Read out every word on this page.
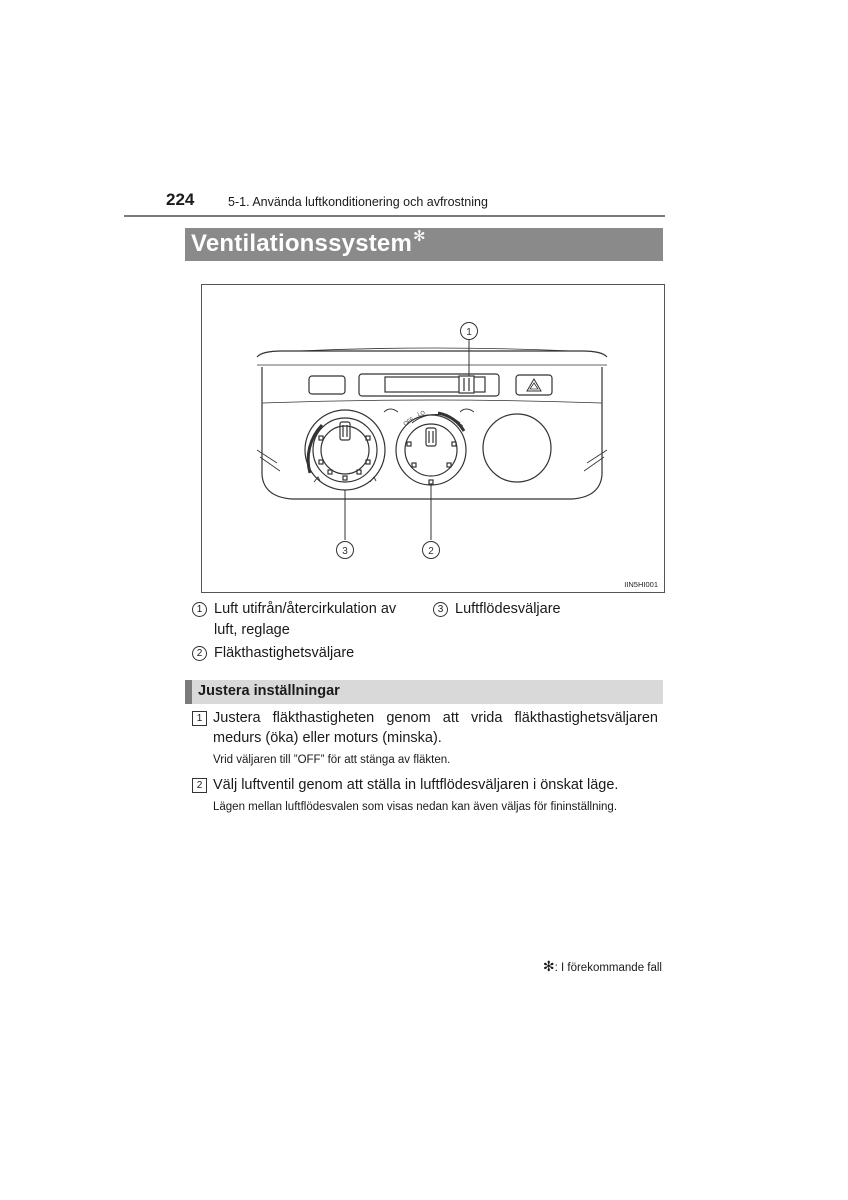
224	5-1. Använda luftkonditionering och avfrostning
Ventilationssystem✻
1
3	2
OFF
LO
HI
IIN5HI001
1 Luft utifrån/återcirkulation av luft, reglage
2 Fläkthastighetsväljare
3 Luftflödesväljare
Justera inställningar
1 Justera fläkthastigheten genom att vrida fläkthastighetsväljaren medurs (öka) eller moturs (minska).
Vrid väljaren till ”OFF” för att stänga av fläkten.
2 Välj luftventil genom att ställa in luftflödesväljaren i önskat läge.
Lägen mellan luftflödesvalen som visas nedan kan även väljas för fininställning.
✻: I förekommande fall
